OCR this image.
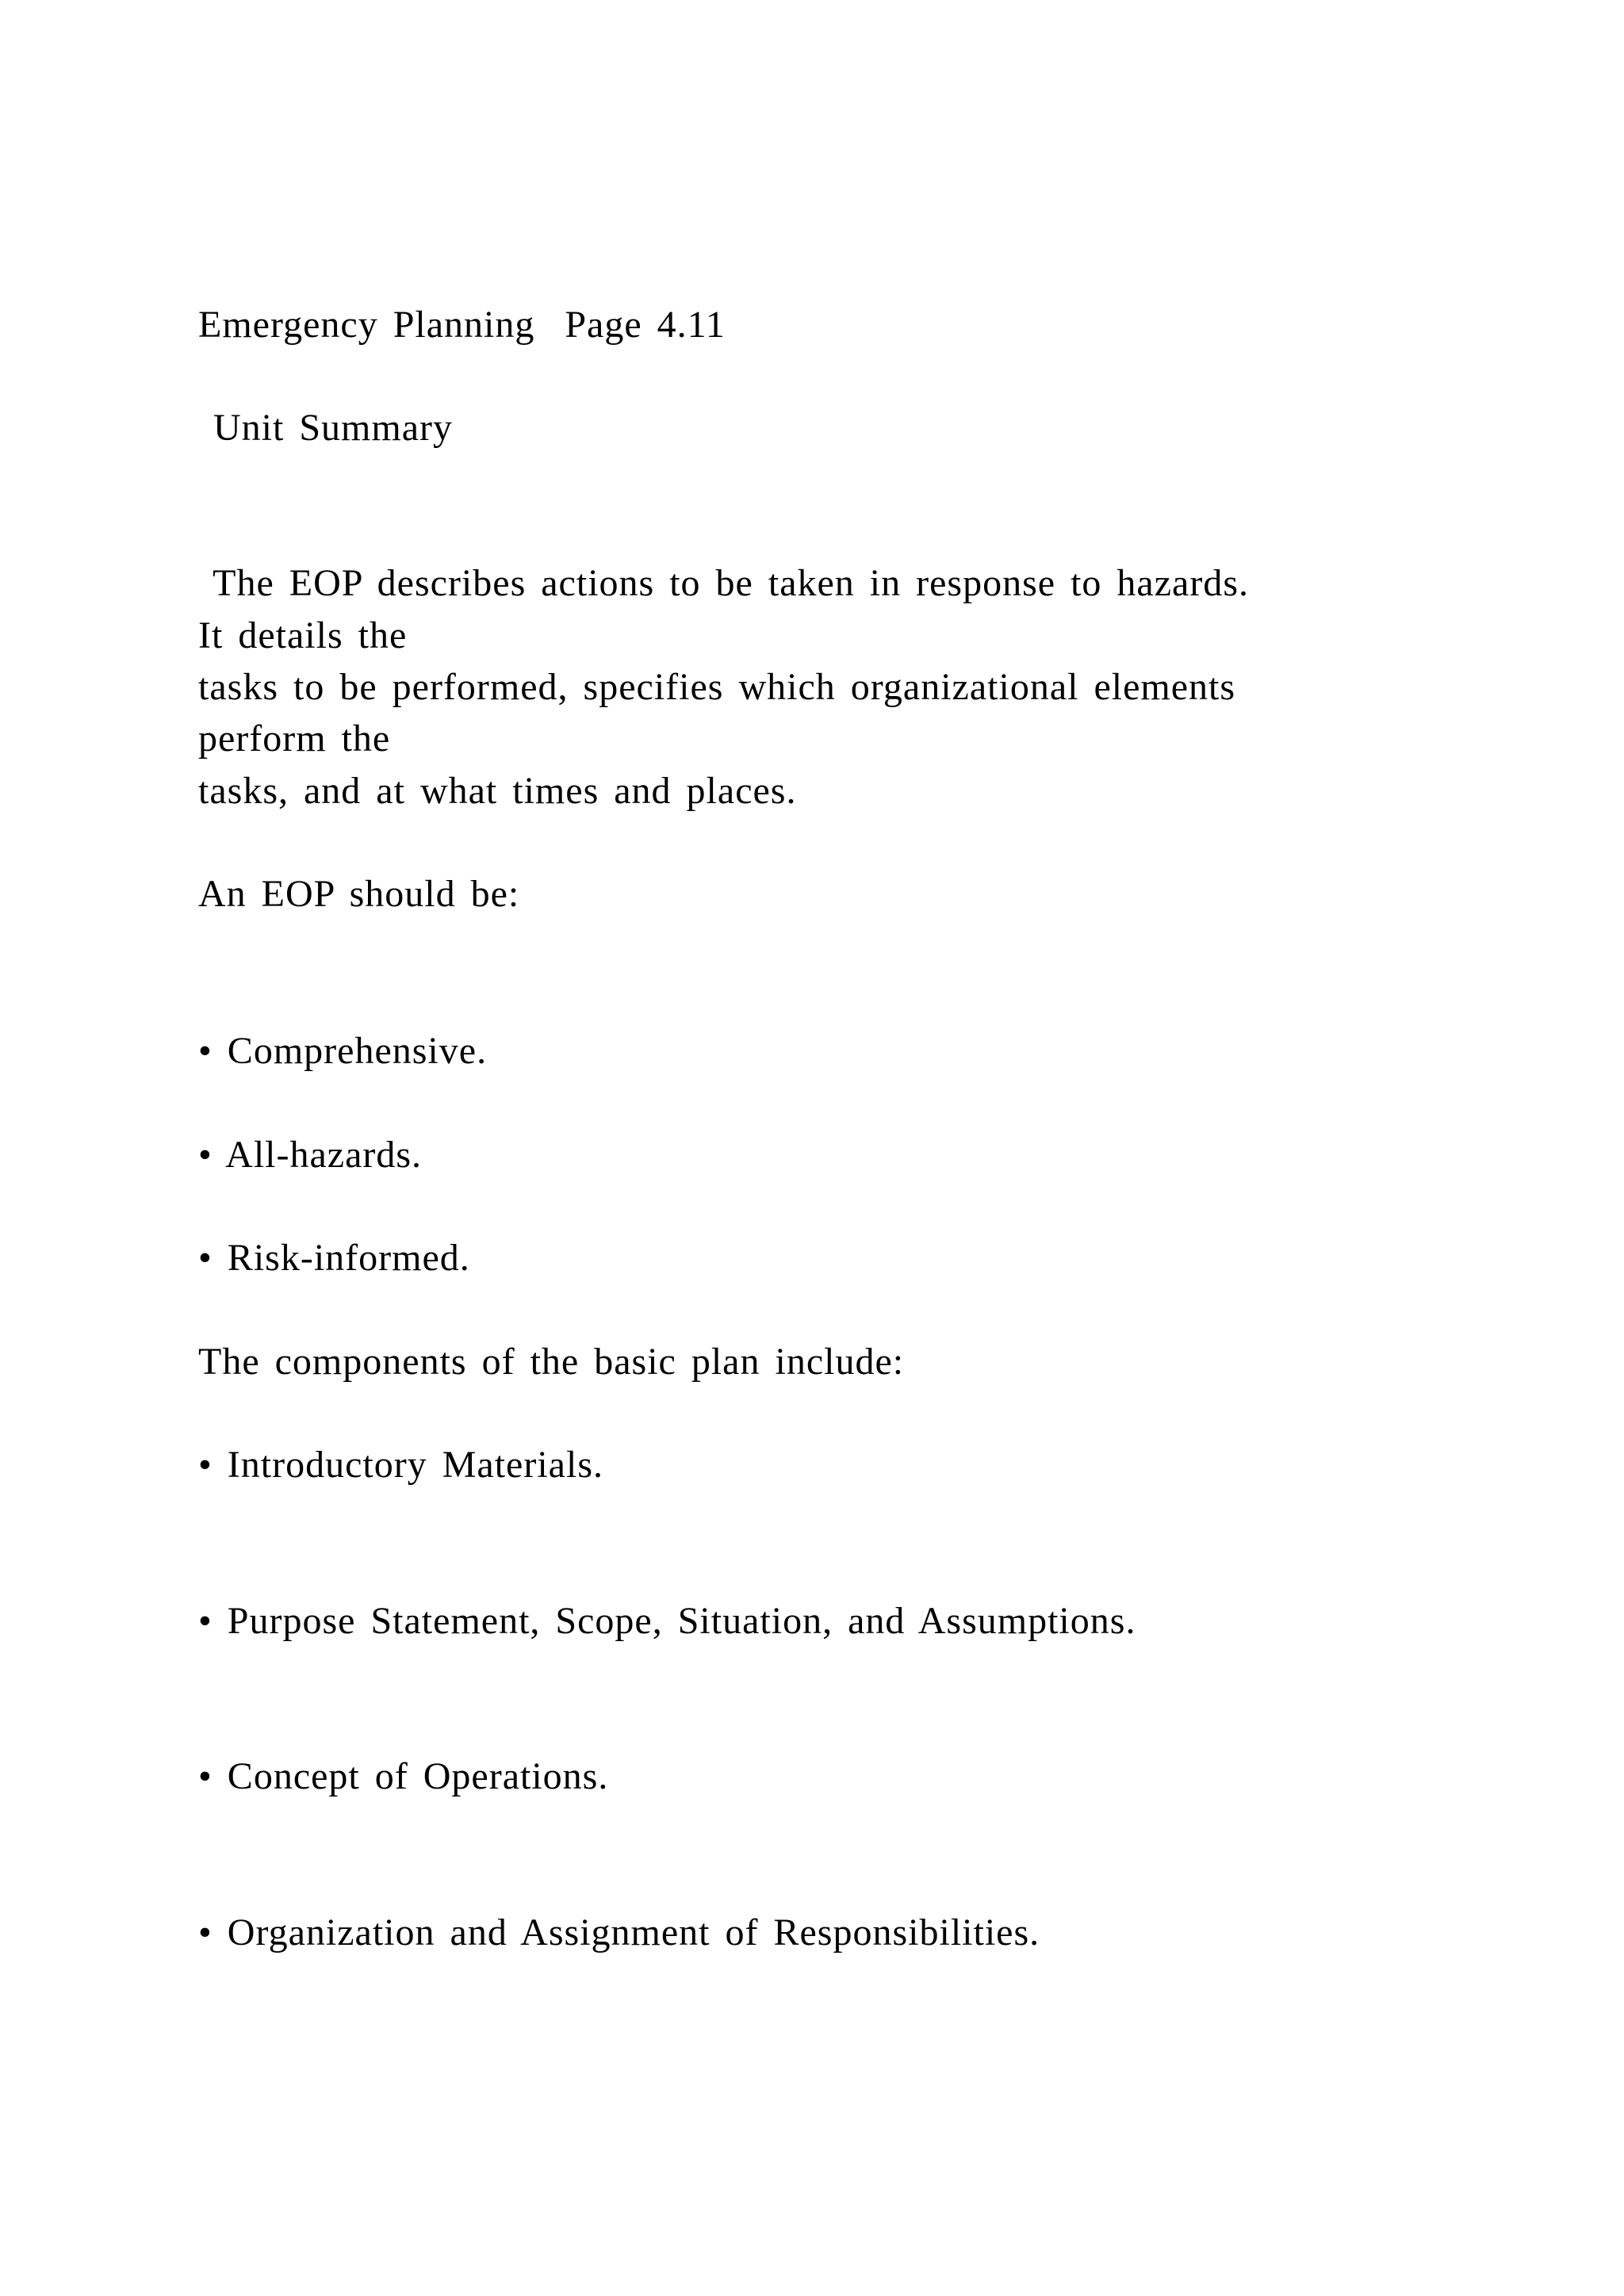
Emergency Planning Page 4.11

Unit Summary

The EOP describes actions to be taken in response to hazards.

It details the

tasks to be performed, specifies which organizational elements

perform the

tasks, and at what times and places.

An EOP should be:

• Comprehensive.

• All-hazards.

• Risk-informed.

The components of the basic plan include:

• Introductory Materials.

• Purpose Statement, Scope, Situation, and Assumptions.

• Concept of Operations.

• Organization and Assignment of Responsibilities.
